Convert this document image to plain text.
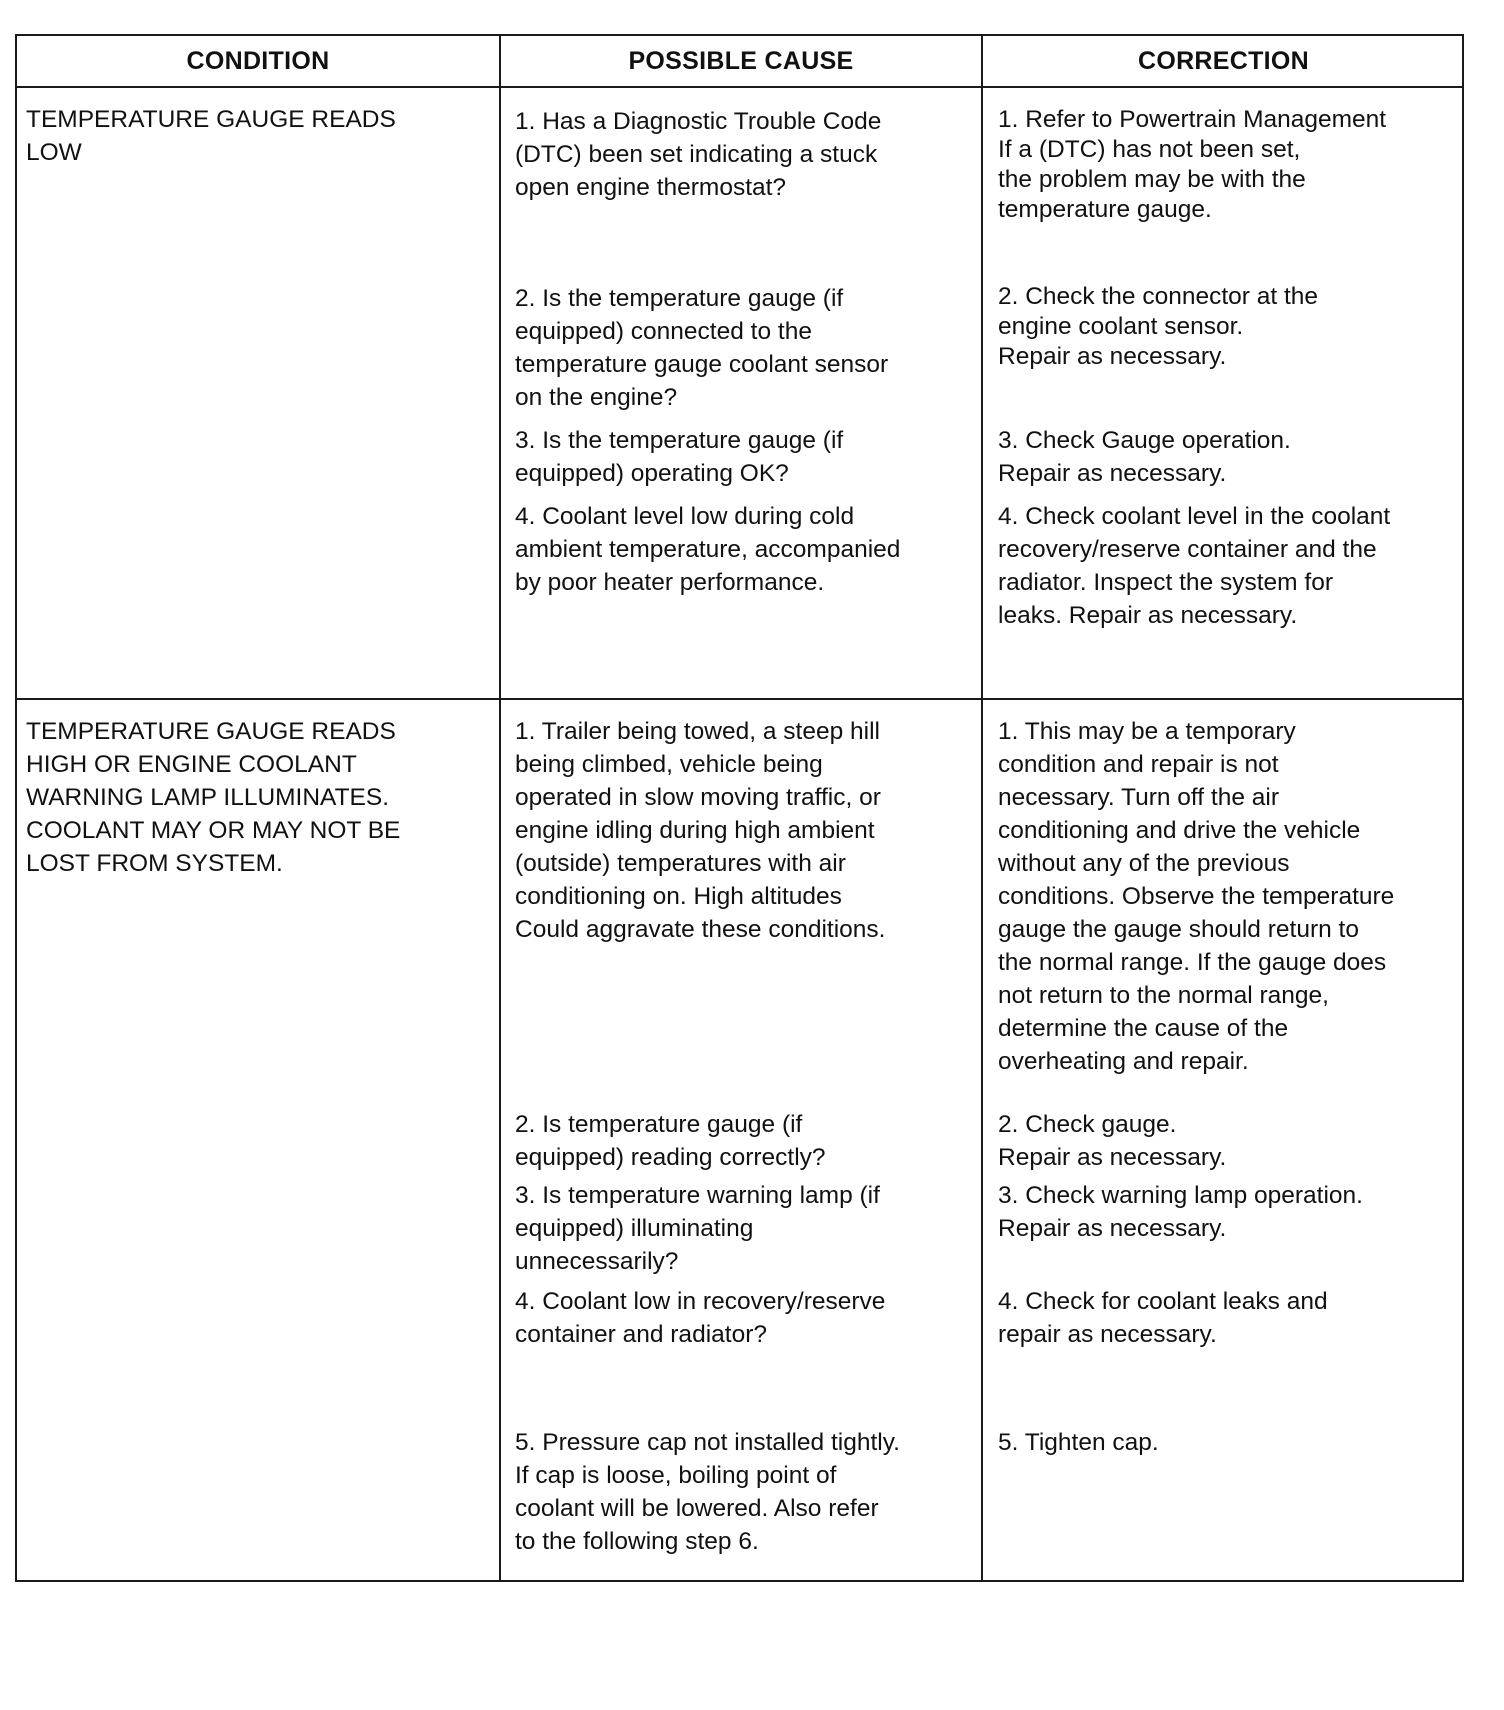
CONDITION	POSSIBLE CAUSE	CORRECTION

TEMPERATURE GAUGE READS
LOW

1. Has a Diagnostic Trouble Code
(DTC) been set indicating a stuck
open engine thermostat?

1. Refer to Powertrain Management
If a (DTC) has not been set,
the problem may be with the
temperature gauge.

2. Is the temperature gauge (if
equipped) connected to the
temperature gauge coolant sensor
on the engine?

2. Check the connector at the
engine coolant sensor.
Repair as necessary.

3. Is the temperature gauge (if
equipped) operating OK?

3. Check Gauge operation.
Repair as necessary.

4. Coolant level low during cold
ambient temperature, accompanied
by poor heater performance.

4. Check coolant level in the coolant
recovery/reserve container and the
radiator. Inspect the system for
leaks. Repair as necessary.

TEMPERATURE GAUGE READS
HIGH OR ENGINE COOLANT
WARNING LAMP ILLUMINATES.
COOLANT MAY OR MAY NOT BE
LOST FROM SYSTEM.

1. Trailer being towed, a steep hill
being climbed, vehicle being
operated in slow moving traffic, or
engine idling during high ambient
(outside) temperatures with air
conditioning on. High altitudes
Could aggravate these conditions.

1. This may be a temporary
condition and repair is not
necessary. Turn off the air
conditioning and drive the vehicle
without any of the previous
conditions. Observe the temperature
gauge the gauge should return to
the normal range. If the gauge does
not return to the normal range,
determine the cause of the
overheating and repair.

2. Is temperature gauge (if
equipped) reading correctly?

2. Check gauge.
Repair as necessary.

3. Is temperature warning lamp (if
equipped) illuminating
unnecessarily?

3. Check warning lamp operation.
Repair as necessary.

4. Coolant low in recovery/reserve
container and radiator?

4. Check for coolant leaks and
repair as necessary.

5. Pressure cap not installed tightly.
If cap is loose, boiling point of
coolant will be lowered. Also refer
to the following step 6.

5. Tighten cap.
